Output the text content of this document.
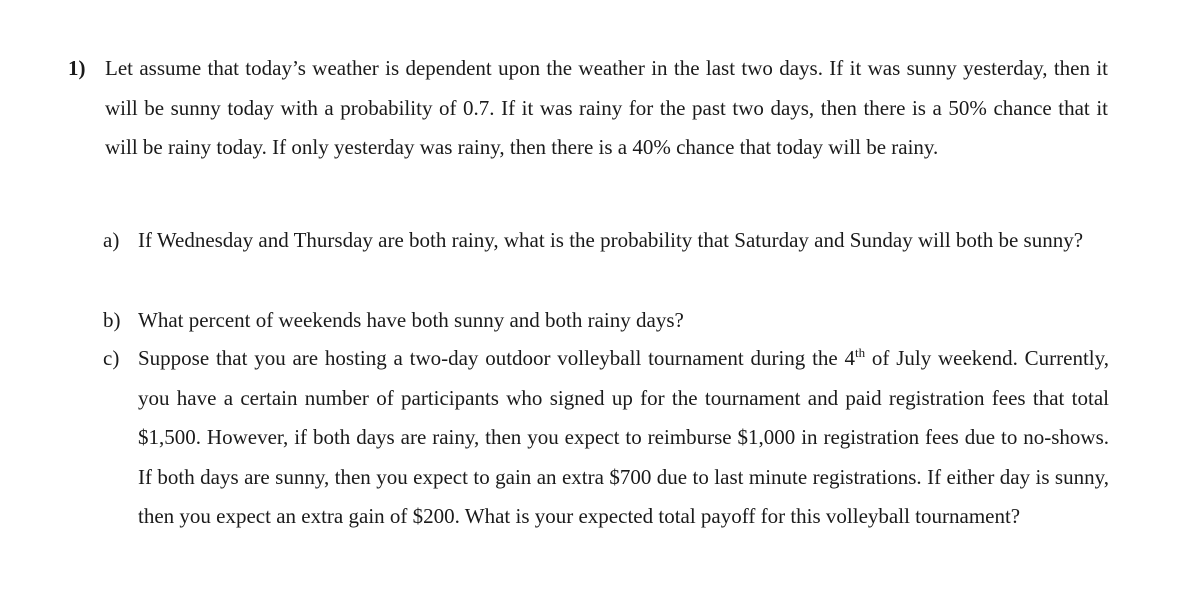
1) Let assume that today’s weather is dependent upon the weather in the last two days. If it was sunny yesterday, then it will be sunny today with a probability of 0.7. If it was rainy for the past two days, then there is a 50% chance that it will be rainy today. If only yesterday was rainy, then there is a 40% chance that today will be rainy.
a) If Wednesday and Thursday are both rainy, what is the probability that Saturday and Sunday will both be sunny?
b) What percent of weekends have both sunny and both rainy days?
c) Suppose that you are hosting a two-day outdoor volleyball tournament during the 4th of July weekend. Currently, you have a certain number of participants who signed up for the tournament and paid registration fees that total $1,500. However, if both days are rainy, then you expect to reimburse $1,000 in registration fees due to no-shows. If both days are sunny, then you expect to gain an extra $700 due to last minute registrations. If either day is sunny, then you expect an extra gain of $200. What is your expected total payoff for this volleyball tournament?
